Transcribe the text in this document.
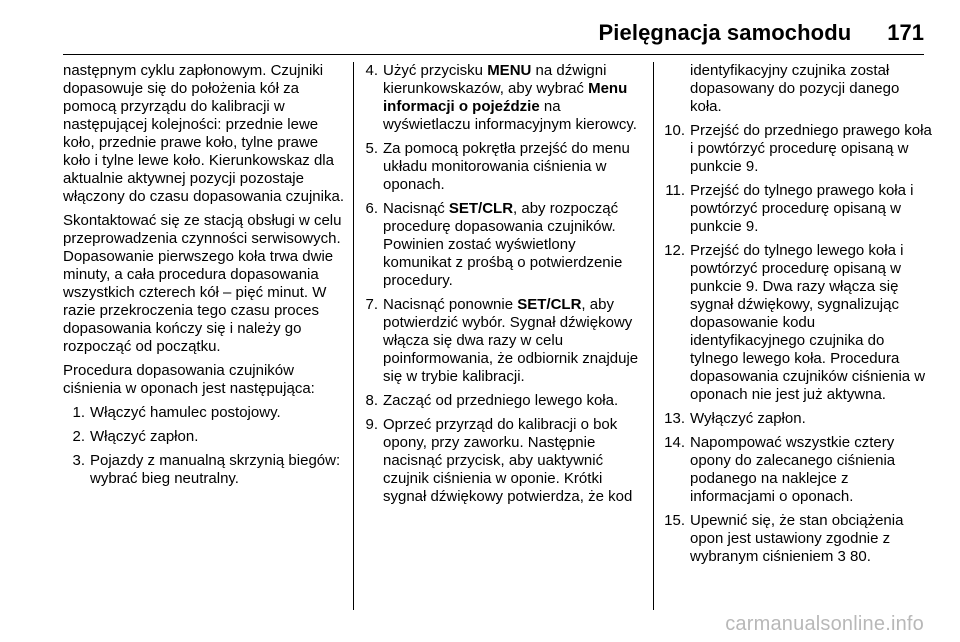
Pielęgnacja samochodu 171

następnym cyklu zapłonowym. Czujniki dopasowuje się do położenia kół za pomocą przyrządu do kalibracji w następującej kolejności: przednie lewe koło, przednie prawe koło, tylne prawe koło i tylne lewe koło. Kierunkowskaz dla aktualnie aktywnej pozycji pozostaje włączony do czasu dopasowania czujnika.

Skontaktować się ze stacją obsługi w celu przeprowadzenia czynności serwisowych. Dopasowanie pierwszego koła trwa dwie minuty, a cała procedura dopasowania wszystkich czterech kół – pięć minut. W razie przekroczenia tego czasu proces dopasowania kończy się i należy go rozpocząć od początku.

Procedura dopasowania czujników ciśnienia w oponach jest następująca:

1. Włączyć hamulec postojowy.
2. Włączyć zapłon.
3. Pojazdy z manualną skrzynią biegów: wybrać bieg neutralny.
4. Użyć przycisku MENU na dźwigni kierunkowskazów, aby wybrać Menu informacji o pojeździe na wyświetlaczu informacyjnym kierowcy.
5. Za pomocą pokrętła przejść do menu układu monitorowania ciśnienia w oponach.
6. Nacisnąć SET/CLR, aby rozpocząć procedurę dopasowania czujników. Powinien zostać wyświetlony komunikat z prośbą o potwierdzenie procedury.
7. Nacisnąć ponownie SET/CLR, aby potwierdzić wybór. Sygnał dźwiękowy włącza się dwa razy w celu poinformowania, że odbiornik znajduje się w trybie kalibracji.
8. Zacząć od przedniego lewego koła.
9. Oprzeć przyrząd do kalibracji o bok opony, przy zaworku. Następnie nacisnąć przycisk, aby uaktywnić czujnik ciśnienia w oponie. Krótki sygnał dźwiękowy potwierdza, że kod
identyfikacyjny czujnika został dopasowany do pozycji danego koła.
10. Przejść do przedniego prawego koła i powtórzyć procedurę opisaną w punkcie 9.
11. Przejść do tylnego prawego koła i powtórzyć procedurę opisaną w punkcie 9.
12. Przejść do tylnego lewego koła i powtórzyć procedurę opisaną w punkcie 9. Dwa razy włącza się sygnał dźwiękowy, sygnalizując dopasowanie kodu identyfikacyjnego czujnika do tylnego lewego koła. Procedura dopasowania czujników ciśnienia w oponach nie jest już aktywna.
13. Wyłączyć zapłon.
14. Napompować wszystkie cztery opony do zalecanego ciśnienia podanego na naklejce z informacjami o oponach.
15. Upewnić się, że stan obciążenia opon jest ustawiony zgodnie z wybranym ciśnieniem 3 80.
carmanualsonline.info
